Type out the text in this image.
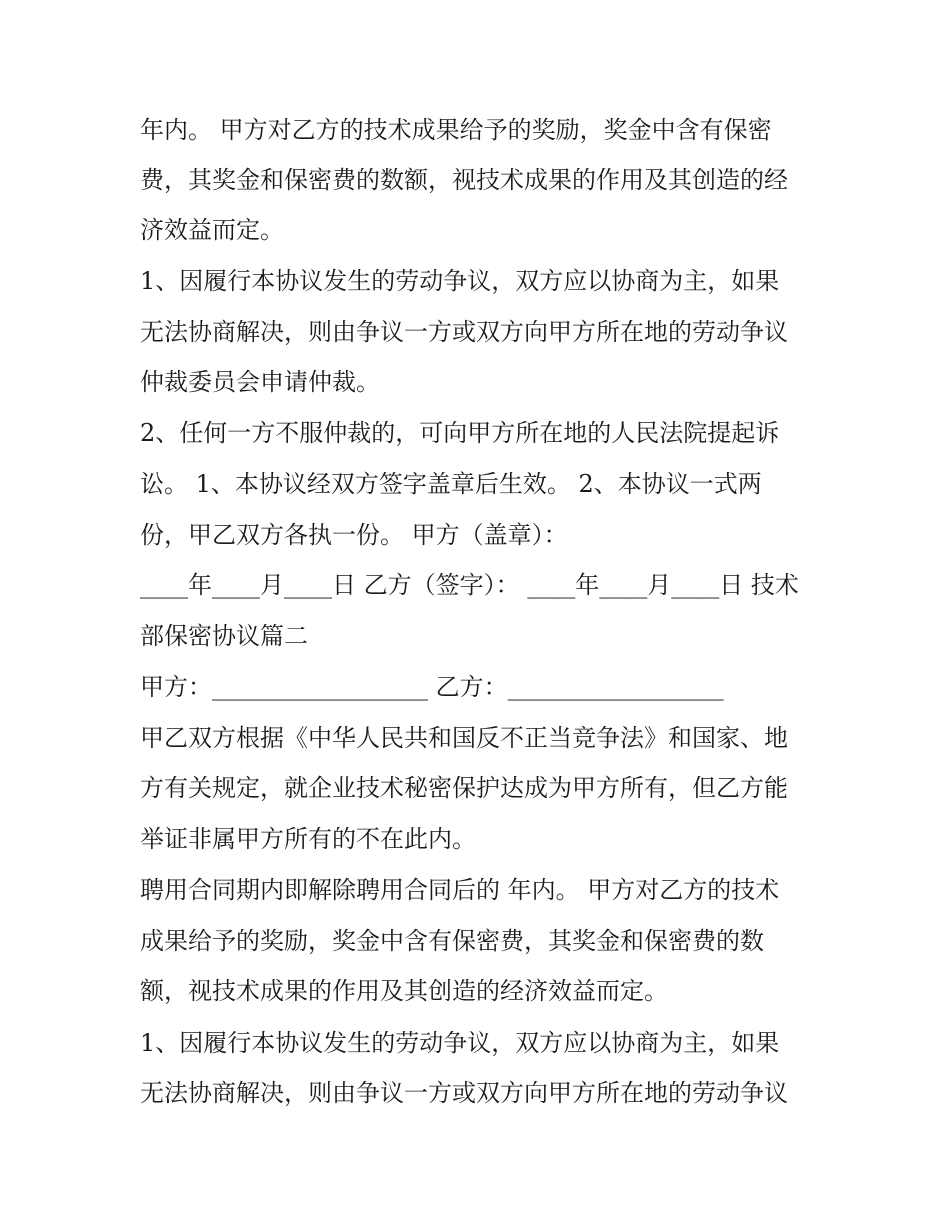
年内。 甲方对乙方的技术成果给予的奖励，奖金中含有保密
费，其奖金和保密费的数额，视技术成果的作用及其创造的经
济效益而定。
1、因履行本协议发生的劳动争议，双方应以协商为主，如果
无法协商解决，则由争议一方或双方向甲方所在地的劳动争议
仲裁委员会申请仲裁。
2、任何一方不服仲裁的，可向甲方所在地的人民法院提起诉
讼。 1、本协议经双方签字盖章后生效。 2、本协议一式两
份，甲乙双方各执一份。 甲方（盖章）：
____年____月____日 乙方（签字）： ____年____月____日 技术
部保密协议篇二
甲方：__________________ 乙方：__________________
甲乙双方根据《中华人民共和国反不正当竞争法》和国家、地
方有关规定，就企业技术秘密保护达成为甲方所有，但乙方能
举证非属甲方所有的不在此内。
聘用合同期内即解除聘用合同后的 年内。 甲方对乙方的技术
成果给予的奖励，奖金中含有保密费，其奖金和保密费的数
额，视技术成果的作用及其创造的经济效益而定。
1、因履行本协议发生的劳动争议，双方应以协商为主，如果
无法协商解决，则由争议一方或双方向甲方所在地的劳动争议
